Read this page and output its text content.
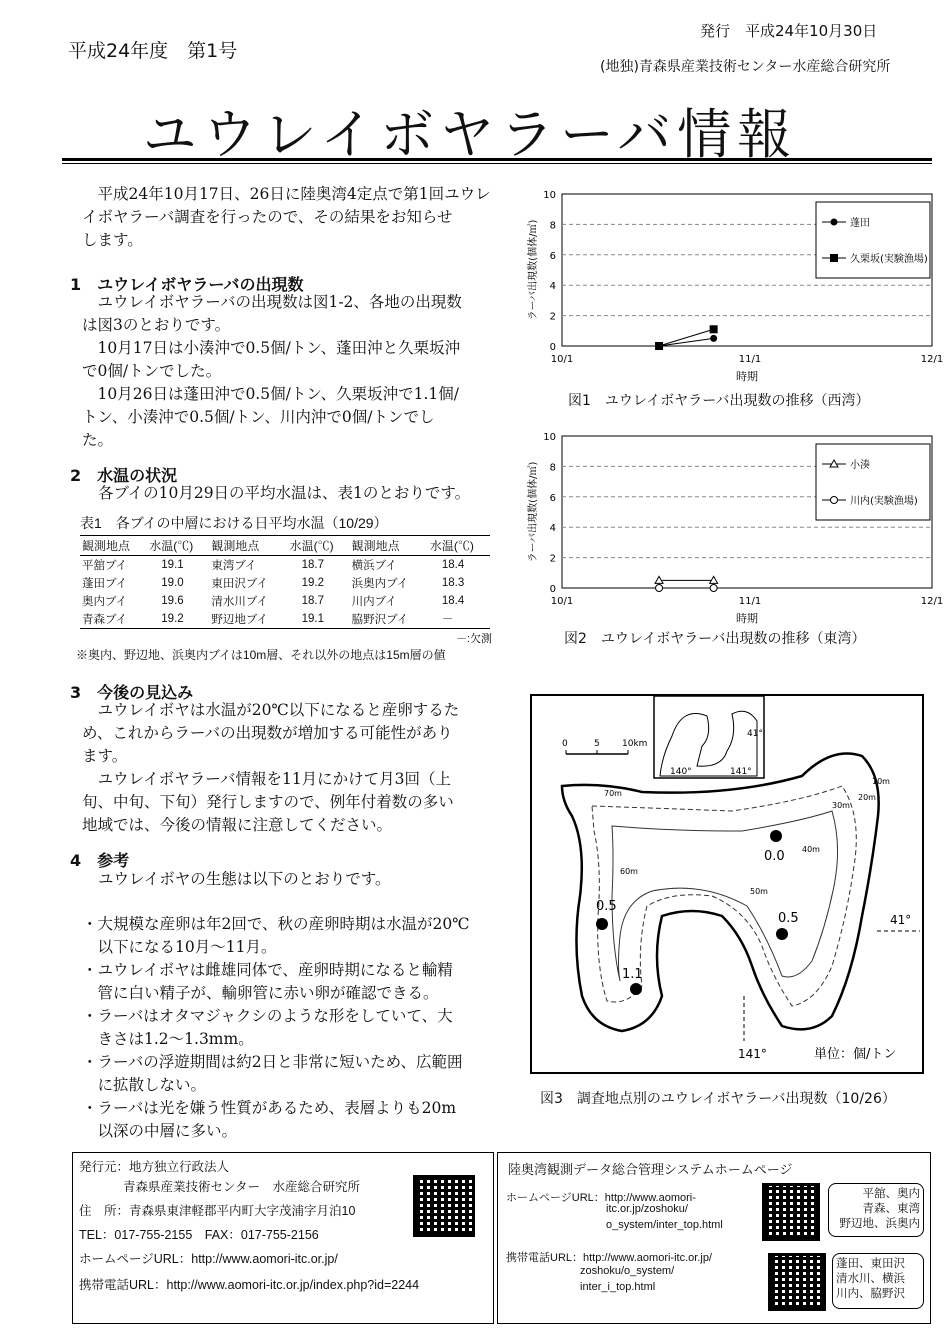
平成24年度　第1号
発行　平成24年10月30日
(地独)青森県産業技術センター水産総合研究所
ユウレイボヤラーバ情報
平成24年10月17日、26日に陸奥湾4定点で第1回ユウレ
イボヤラーバ調査を行ったので、その結果をお知らせ
します。
1　ユウレイボヤラーバの出現数
ユウレイボヤラーバの出現数は図1-2、各地の出現数
は図3のとおりです。
10月17日は小湊沖で0.5個/トン、蓬田沖と久栗坂沖
で0個/トンでした。
10月26日は蓬田沖で0.5個/トン、久栗坂沖で1.1個/
トン、小湊沖で0.5個/トン、川内沖で0個/トンでし
た。
2　水温の状況
各ブイの10月29日の平均水温は、表1のとおりです。
表1　各ブイの中層における日平均水温（10/29）
観測地点	水温(℃)	観測地点	水温(℃)	観測地点	水温(℃)
平舘ブイ	19.1	東湾ブイ	18.7	横浜ブイ	18.4
蓬田ブイ	19.0	東田沢ブイ	19.2	浜奥内ブイ	18.3
奥内ブイ	19.6	清水川ブイ	18.7	川内ブイ	18.4
青森ブイ	19.2	野辺地ブイ	19.1	脇野沢ブイ	－
－:欠測
※奥内、野辺地、浜奥内ブイは10m層、それ以外の地点は15m層の値
0
2
4
6
8
10
10/1	11/1	12/1
時期
ラーバ出現数(個体/㎥)	蓬田
久栗坂(実験漁場)
図1　ユウレイボヤラーバ出現数の推移（西湾）
0
2
4
6
8
10
10/1	11/1	12/1
時期
ラーバ出現数(個体/㎥)	小湊
川内(実験漁場)
図2　ユウレイボヤラーバ出現数の推移（東湾）
3　今後の見込み
ユウレイボヤは水温が20℃以下になると産卵するた
め、これからラーバの出現数が増加する可能性があり
ます。
ユウレイボヤラーバ情報を11月にかけて月3回（上
旬、中旬、下旬）発行しますので、例年付着数の多い
地域では、今後の情報に注意してください。
4　参考
ユウレイボヤの生態は以下のとおりです。
・大規模な産卵は年2回で、秋の産卵時期は水温が20℃
以下になる10月～11月。
・ユウレイボヤは雌雄同体で、産卵時期になると輸精
管に白い精子が、輸卵管に赤い卵が確認できる。
・ラーバはオタマジャクシのような形をしていて、大
きさは1.2～1.3mm。
・ラーバの浮遊期間は約2日と非常に短いため、広範囲
に拡散しない。
・ラーバは光を嫌う性質があるため、表層よりも20m
以深の中層に多い。
41°
140°	141°
0	5 10km
70m
30m
20m
10m
40m
60m
50m
41°
141°
0.0
0.5
0.5
1.1
単位：個/トン
図3　調査地点別のユウレイボヤラーバ出現数（10/26）
発行元：地方独立行政法人
青森県産業技術センター　水産総合研究所
住　所：青森県東津軽郡平内町大字茂浦字月泊10
TEL：017-755-2155　FAX：017-755-2156
ホームページURL：http://www.aomori-itc.or.jp/
携帯電話URL：http://www.aomori-itc.or.jp/index.php?id=2244
陸奥湾観測データ総合管理システムホームページ
ホームページURL：http://www.aomori-
itc.or.jp/zoshoku/
o_system/inter_top.html
携帯電話URL：http://www.aomori-itc.or.jp/
zoshoku/o_system/
inter_i_top.html
平舘、奥内
青森、東湾
野辺地、浜奥内
蓬田、東田沢
清水川、横浜
川内、脇野沢
